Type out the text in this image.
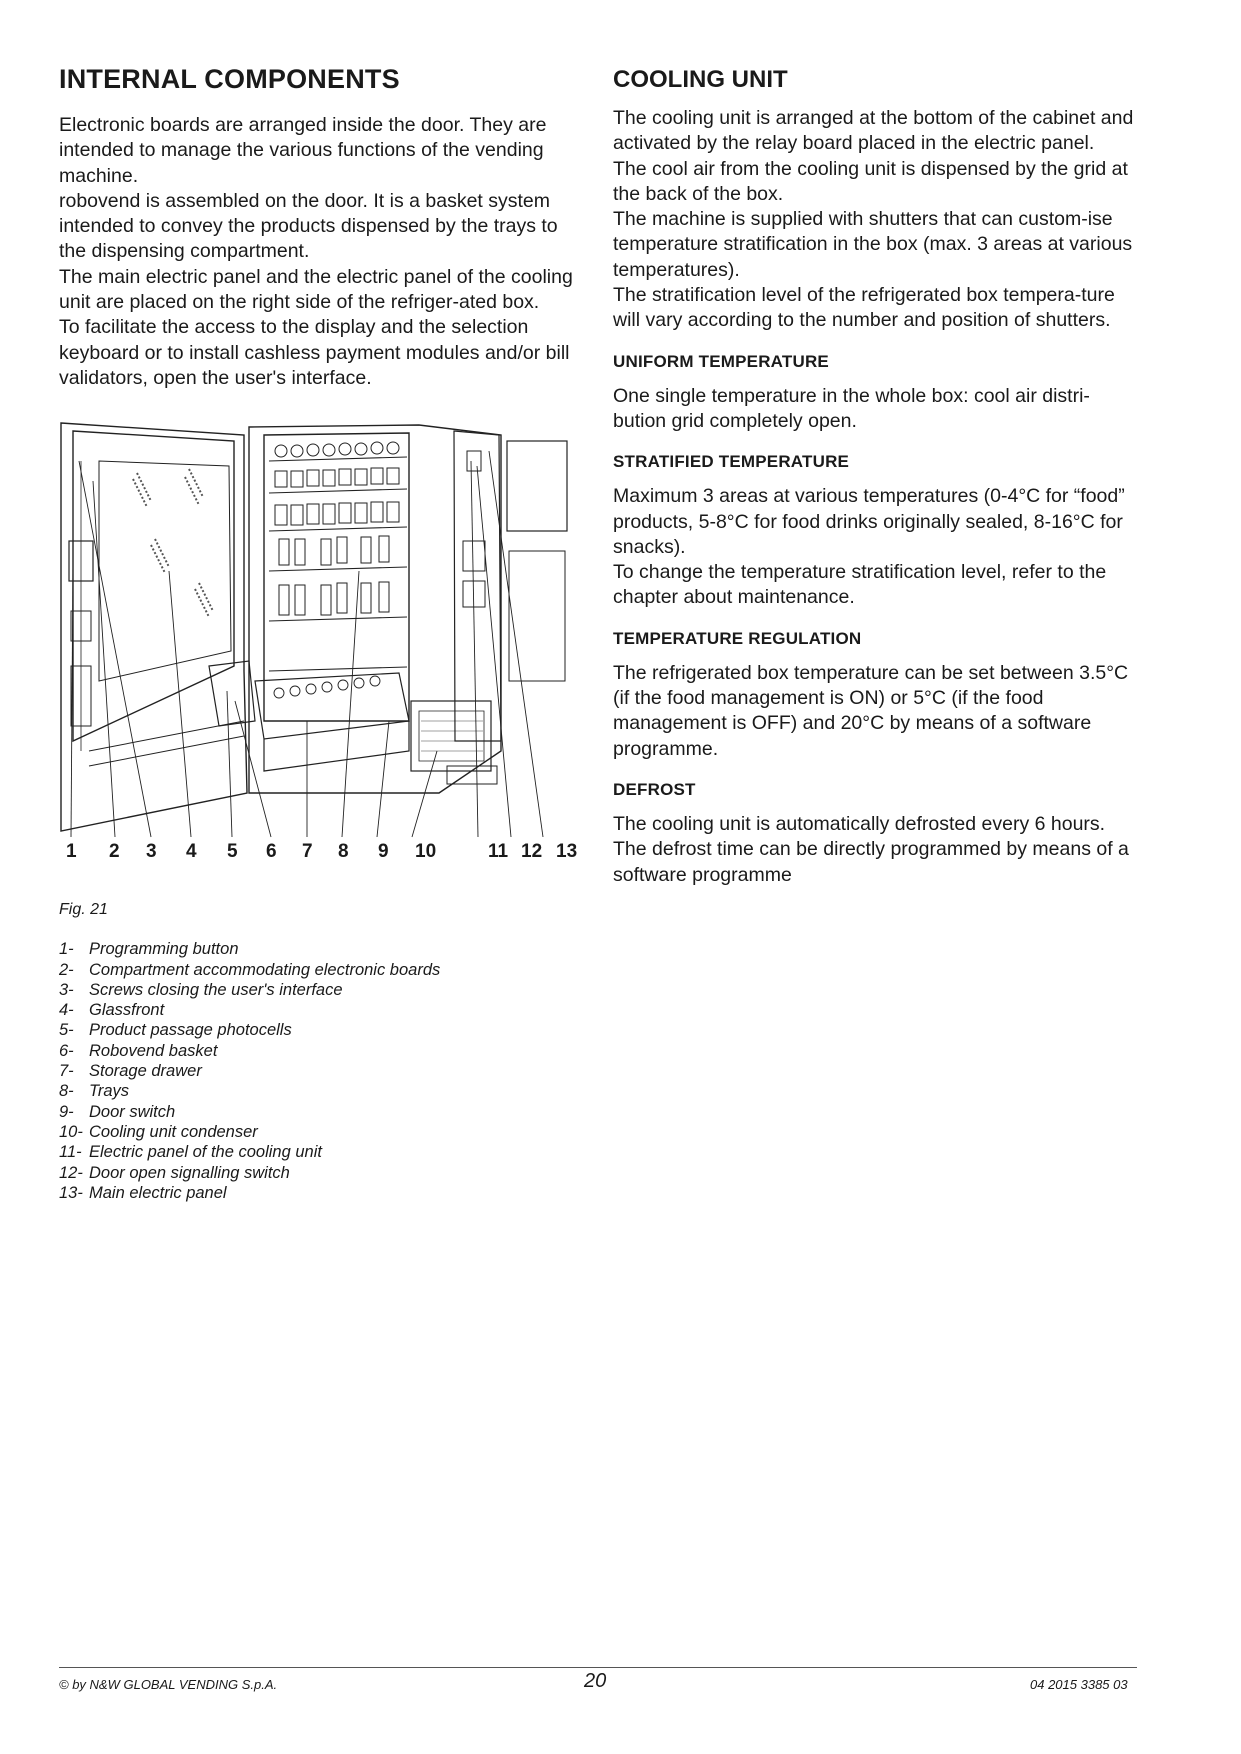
INTERNAL COMPONENTS

Electronic boards are arranged inside the door. They are intended to manage the various functions of the vending machine.

robovend is assembled on the door. It is a basket system intended to convey the products dispensed by the trays to the dispensing compartment.

The main electric panel and the electric panel of the cooling unit are placed on the right side of the refriger-ated box.

To facilitate the access to the display and the selection keyboard or to install cashless payment modules and/or bill validators, open the user's interface.

1 2 3 4 5 6 7 8 9 10	11 12 13
Fig. 21
1- Programming button
2- Compartment accommodating electronic boards
3- Screws closing the user's interface
4- Glassfront
5- Product passage photocells
6- Robovend basket
7- Storage drawer
8- Trays
9- Door switch
10- Cooling unit condenser
11- Electric panel of the cooling unit
12- Door open signalling switch
13- Main electric panel
COOLING UNIT

The cooling unit is arranged at the bottom of the cabinet and activated by the relay board placed in the electric panel.

The cool air from the cooling unit is dispensed by the grid at the back of the box.

The machine is supplied with shutters that can custom-ise temperature stratification in the box (max. 3 areas at various temperatures).

The stratification level of the refrigerated box tempera-ture will vary according to the number and position of shutters.

UNIFORM TEMPERATURE

One single temperature in the whole box: cool air distri-bution grid completely open.

STRATIFIED TEMPERATURE

Maximum 3 areas at various temperatures (0-4°C for “food” products, 5-8°C for food drinks originally sealed, 8-16°C for snacks).

To change the temperature stratification level, refer to the chapter about maintenance.

TEMPERATURE REGULATION

The refrigerated box temperature can be set between 3.5°C (if the food management is ON) or 5°C (if the food management is OFF) and 20°C by means of a software programme.

DEFROST

The cooling unit is automatically defrosted every 6 hours. The defrost time can be directly programmed by means of a software programme

© by N&W GLOBAL VENDING S.p.A.	20	04 2015 3385 03
